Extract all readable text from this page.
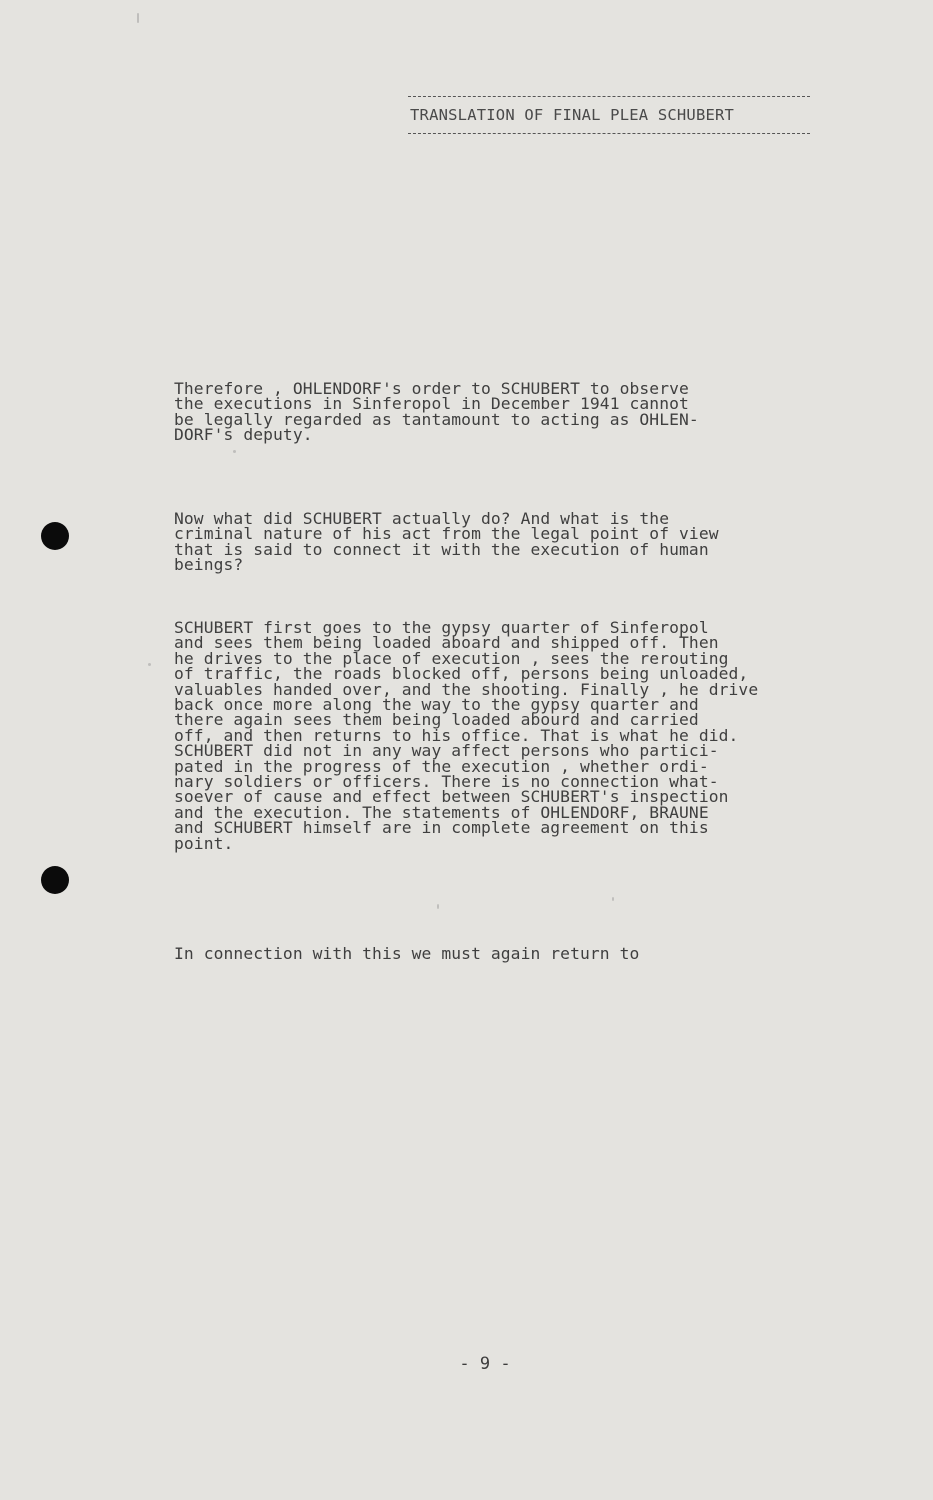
TRANSLATION OF FINAL PLEA SCHUBERT
Therefore , OHLENDORF's order to SCHUBERT to observe
the executions in Sinferopol in December 1941 cannot
be legally regarded as tantamount to acting as OHLEN-
DORF's deputy.
Now what did SCHUBERT actually do? And what is the
criminal nature of his act from the legal point of view
that is said to connect it with the execution of human
beings?
SCHUBERT first goes to the gypsy quarter of Sinferopol
and sees them being loaded aboard and shipped off. Then
he drives to the place of execution , sees the rerouting
of traffic, the roads blocked off, persons being unloaded,
valuables handed over, and the shooting. Finally , he drive
back once more along the way to the gypsy quarter and
there again sees them being loaded abourd and carried
off, and then returns to his office. That is what he did.
SCHUBERT did not in any way affect persons who partici-
pated in the progress of the execution , whether ordi-
nary soldiers or officers. There is no connection what-
soever of cause and effect between SCHUBERT's inspection
and the execution. The statements of OHLENDORF, BRAUNE
and SCHUBERT himself are in complete agreement on this
point.
In connection with this we must again return to
- 9 -
